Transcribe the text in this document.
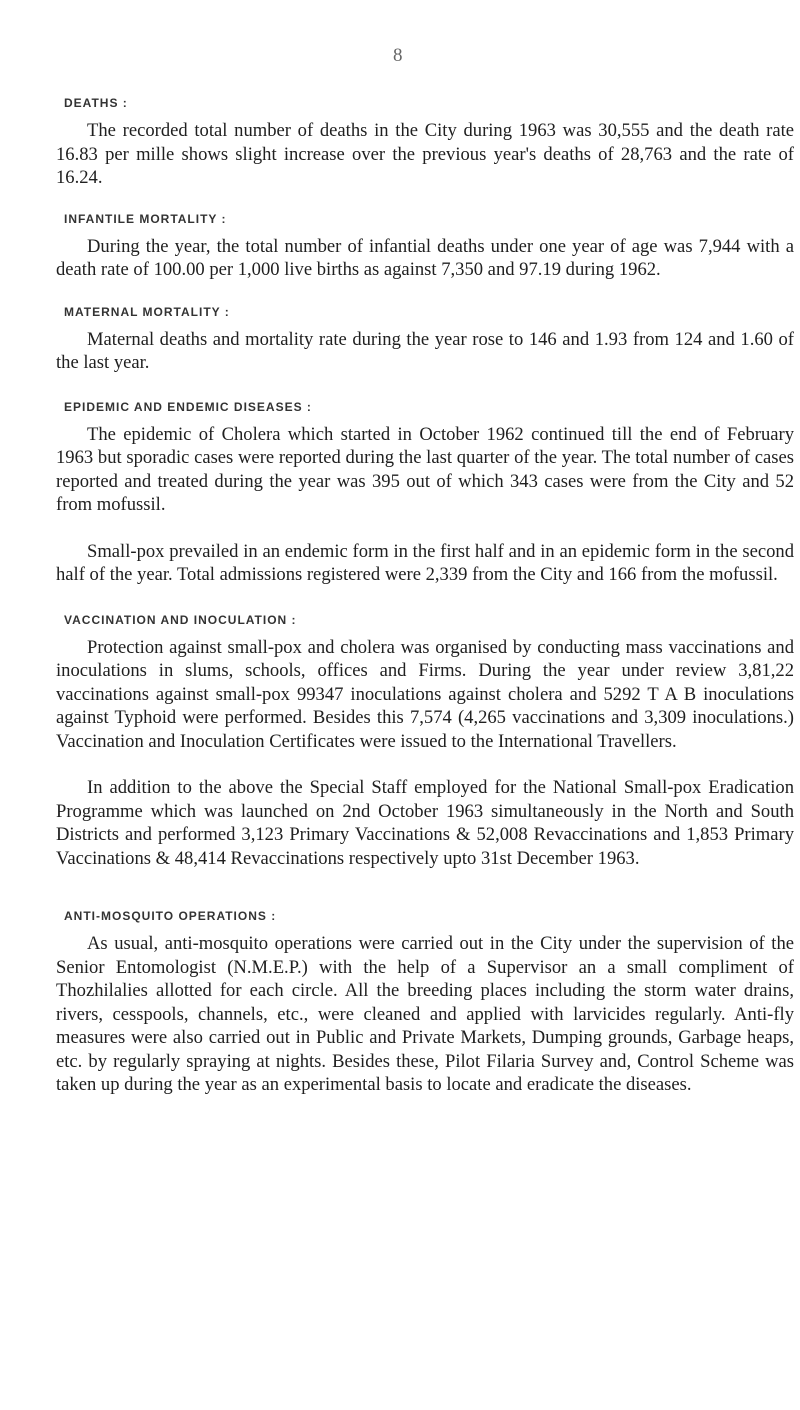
8
DEATHS :

The recorded total number of deaths in the City during 1963 was 30,555 and the death rate 16.83 per mille shows slight increase over the previous year's deaths of 28,763 and the rate of 16.24.

INFANTILE MORTALITY :

During the year, the total number of infantial deaths under one year of age was 7,944 with a death rate of 100.00 per 1,000 live births as against 7,350 and 97.19 during 1962.

MATERNAL MORTALITY :

Maternal deaths and mortality rate during the year rose to 146 and 1.93 from 124 and 1.60 of the last year.

EPIDEMIC AND ENDEMIC DISEASES :

The epidemic of Cholera which started in October 1962 continued till the end of February 1963 but sporadic cases were reported during the last quarter of the year. The total number of cases reported and treated during the year was 395 out of which 343 cases were from the City and 52 from mofussil.

Small-pox prevailed in an endemic form in the first half and in an epidemic form in the second half of the year. Total admissions registered were 2,339 from the City and 166 from the mofussil.

VACCINATION AND INOCULATION :

Protection against small-pox and cholera was organised by conducting mass vaccinations and inoculations in slums, schools, offices and Firms. During the year under review 3,81,22 vaccinations against small-pox 99347 inoculations against cholera and 5292 T A B inoculations against Typhoid were performed. Besides this 7,574 (4,265 vaccinations and 3,309 inoculations.) Vaccination and Inoculation Certificates were issued to the International Travellers.

In addition to the above the Special Staff employed for the National Small-pox Eradication Programme which was launched on 2nd October 1963 simultaneously in the North and South Districts and performed 3,123 Primary Vaccinations & 52,008 Revaccinations and 1,853 Primary Vaccinations & 48,414 Revaccinations respectively upto 31st December 1963.

ANTI-MOSQUITO OPERATIONS :

As usual, anti-mosquito operations were carried out in the City under the supervision of the Senior Entomologist (N.M.E.P.) with the help of a Supervisor an a small compliment of Thozhilalies allotted for each circle. All the breeding places including the storm water drains, rivers, cesspools, channels, etc., were cleaned and applied with larvicides regularly. Anti-fly measures were also carried out in Public and Private Markets, Dumping grounds, Garbage heaps, etc. by regularly spraying at nights. Besides these, Pilot Filaria Survey and, Control Scheme was taken up during the year as an experimental basis to locate and eradicate the diseases.
